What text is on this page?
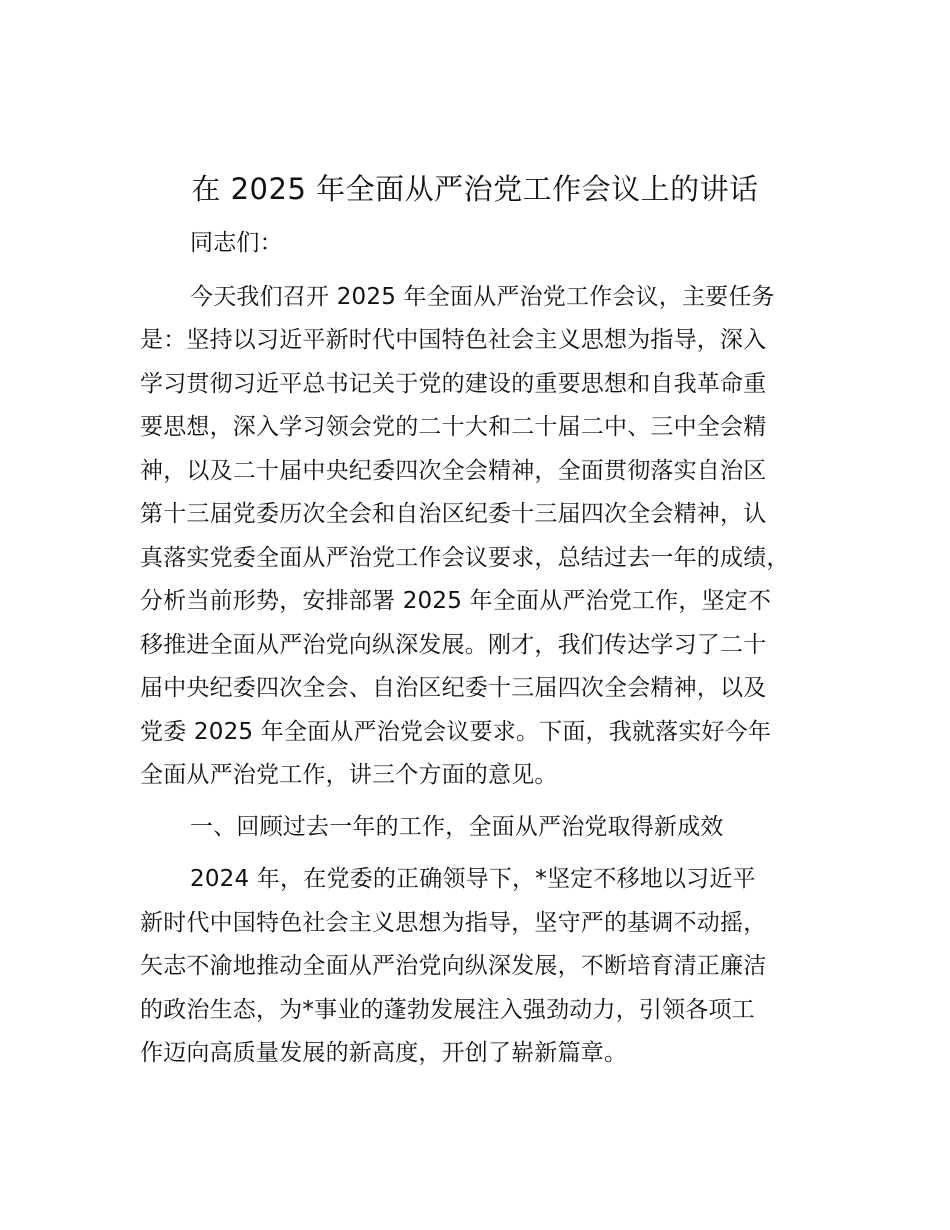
在 2025 年全面从严治党工作会议上的讲话

同志们：

今天我们召开 2025 年全面从严治党工作会议，主要任务

是：坚持以习近平新时代中国特色社会主义思想为指导，深入

学习贯彻习近平总书记关于党的建设的重要思想和自我革命重

要思想，深入学习领会党的二十大和二十届二中、三中全会精

神，以及二十届中央纪委四次全会精神，全面贯彻落实自治区

第十三届党委历次全会和自治区纪委十三届四次全会精神，认

真落实党委全面从严治党工作会议要求，总结过去一年的成绩，

分析当前形势，安排部署 2025 年全面从严治党工作，坚定不

移推进全面从严治党向纵深发展。刚才，我们传达学习了二十

届中央纪委四次全会、自治区纪委十三届四次全会精神，以及

党委 2025 年全面从严治党会议要求。下面，我就落实好今年

全面从严治党工作，讲三个方面的意见。

一、回顾过去一年的工作，全面从严治党取得新成效

2024 年，在党委的正确领导下，*坚定不移地以习近平

新时代中国特色社会主义思想为指导，坚守严的基调不动摇，

矢志不渝地推动全面从严治党向纵深发展，不断培育清正廉洁

的政治生态，为*事业的蓬勃发展注入强劲动力，引领各项工

作迈向高质量发展的新高度，开创了崭新篇章。
